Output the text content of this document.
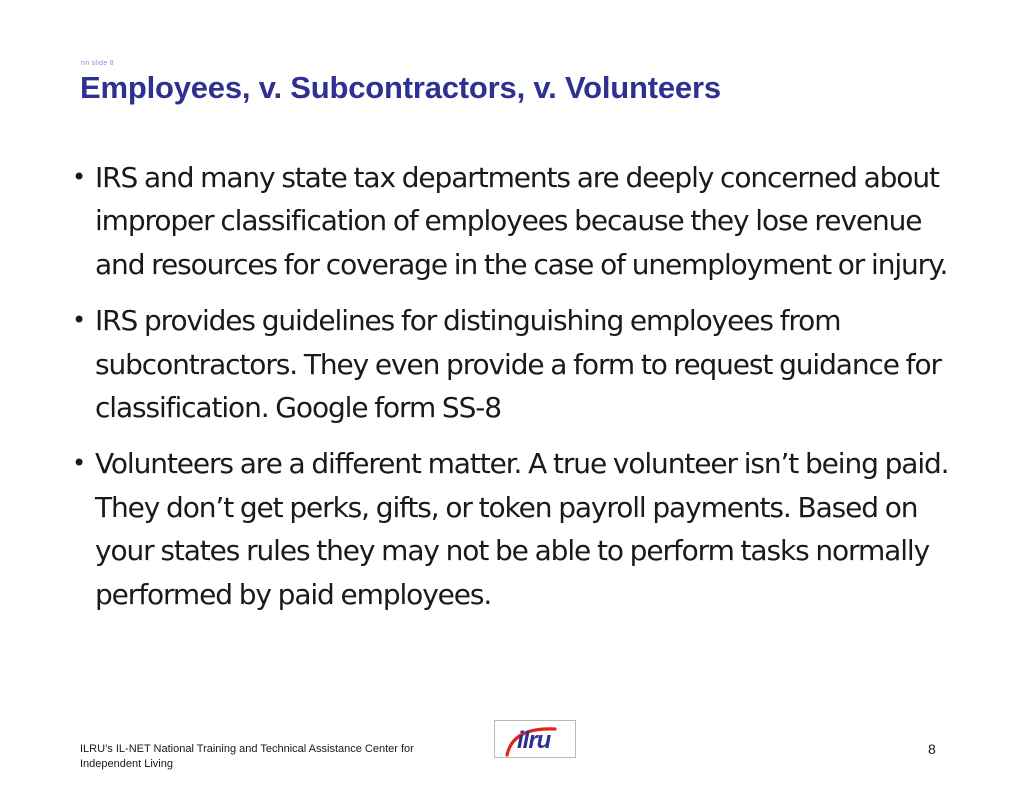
nn slide 8
Employees, v. Subcontractors, v. Volunteers
• IRS and many state tax departments are deeply concerned about improper classification of employees because they lose revenue and resources for coverage in the case of unemployment or injury.
• IRS provides guidelines for distinguishing employees from subcontractors. They even provide a form to request guidance for classification. Google form SS-8
• Volunteers are a different matter. A true volunteer isn’t being paid. They don’t get perks, gifts, or token payroll payments. Based on your states rules they may not be able to perform tasks normally performed by paid employees.
ILRU’s IL-NET National Training and Technical Assistance Center for Independent Living
ilru	8
